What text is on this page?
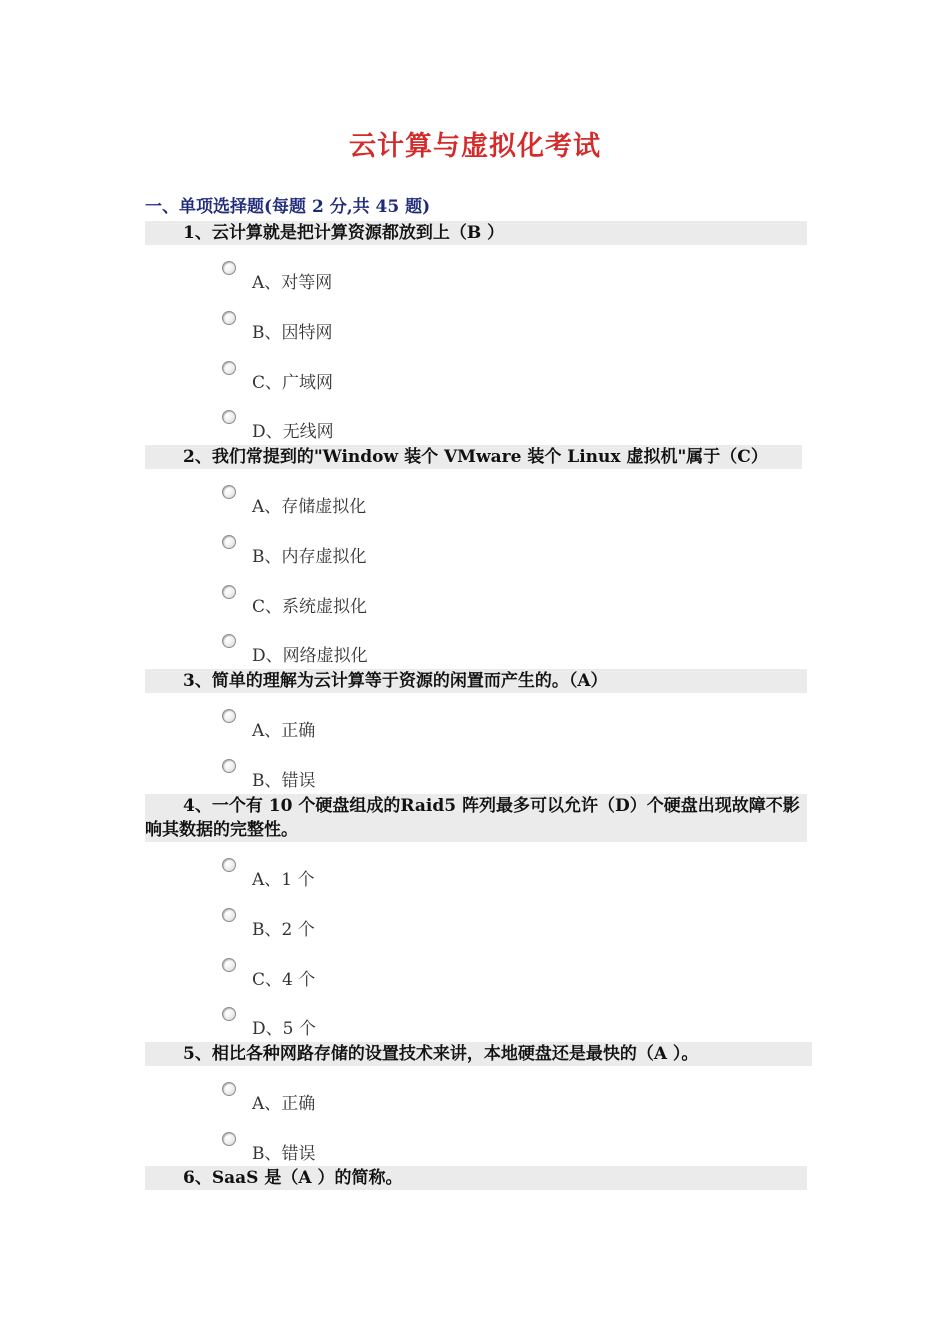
云计算与虚拟化考试
一、单项选择题(每题 2 分,共 45 题)
1、云计算就是把计算资源都放到上（B ）
A、对等网
B、因特网
C、广域网
D、无线网
2、我们常提到的"Window 装个 VMware 装个 Linux 虚拟机"属于（C）
A、存储虚拟化
B、内存虚拟化
C、系统虚拟化
D、网络虚拟化
3、简单的理解为云计算等于资源的闲置而产生的。（A）
A、正确
B、错误
4、一个有 10 个硬盘组成的Raid5 阵列最多可以允许（D）个硬盘出现故障不影响其数据的完整性。
A、1 个
B、2 个
C、4 个
D、5 个
5、相比各种网路存储的设置技术来讲，本地硬盘还是最快的（A ）。
A、正确
B、错误
6、SaaS 是（A ）的简称。
